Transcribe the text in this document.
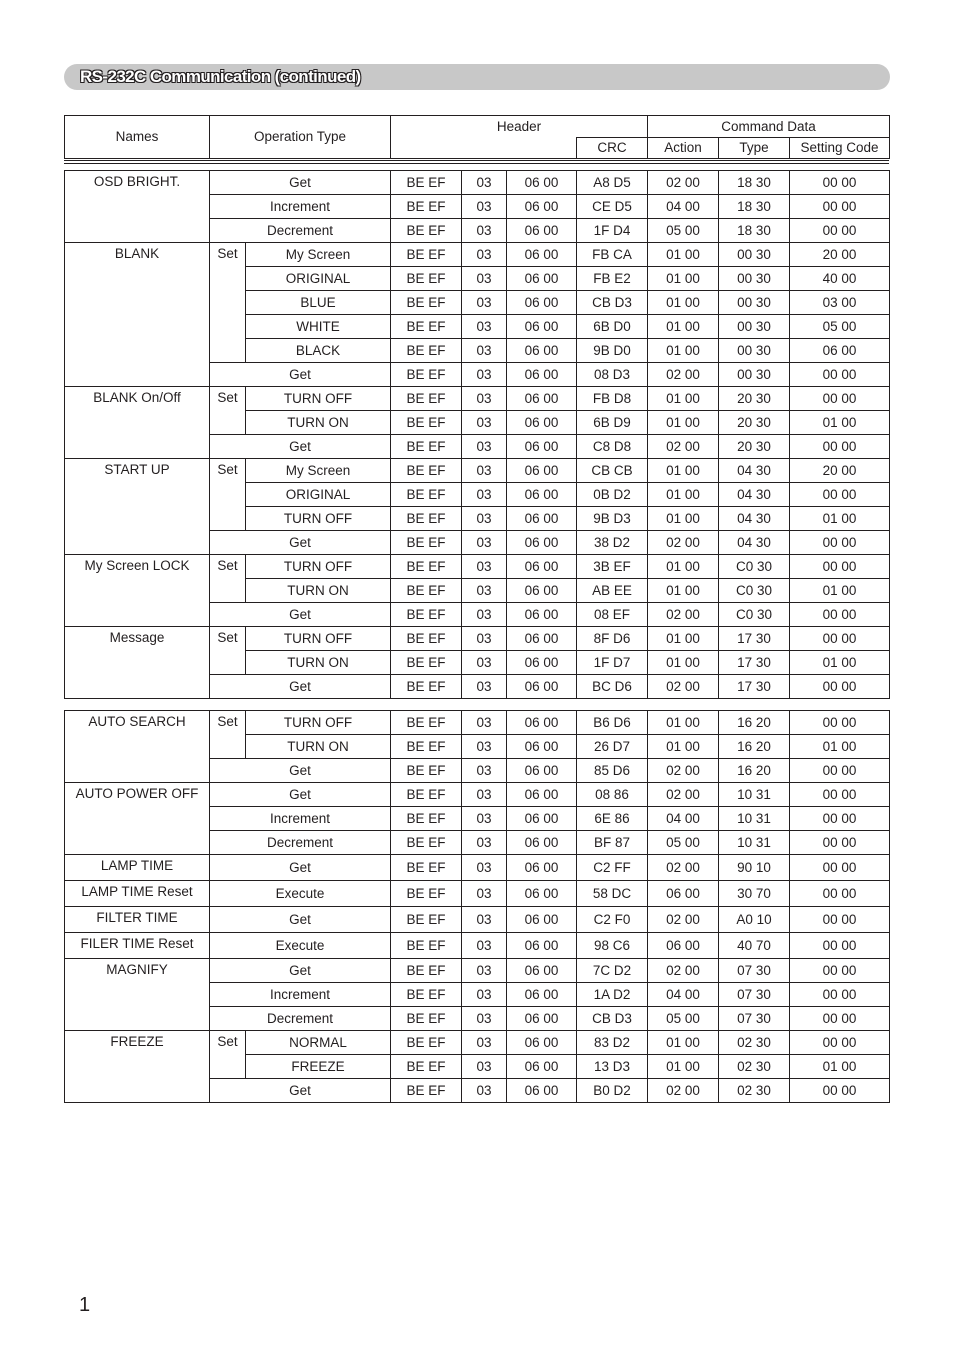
RS-232C Communication (continued)
Names	Operation Type	Header		Command Data		
			CRC	Action	Type	Setting Code
OSD BRIGHT.	Get		BE EF	03	06 00	A8 D5	02 00	18 30	00 00
	Increment		BE EF	03	06 00	CE D5	04 00	18 30	00 00
	Decrement		BE EF	03	06 00	1F D4	05 00	18 30	00 00
BLANK	Set	My Screen	BE EF	03	06 00	FB CA	01 00	00 30	20 00
		ORIGINAL	BE EF	03	06 00	FB E2	01 00	00 30	40 00
		BLUE	BE EF	03	06 00	CB D3	01 00	00 30	03 00
		WHITE	BE EF	03	06 00	6B D0	01 00	00 30	05 00
		BLACK	BE EF	03	06 00	9B D0	01 00	00 30	06 00
	Get		BE EF	03	06 00	08 D3	02 00	00 30	00 00
BLANK On/Off	Set	TURN OFF	BE EF	03	06 00	FB D8	01 00	20 30	00 00
		TURN ON	BE EF	03	06 00	6B D9	01 00	20 30	01 00
	Get		BE EF	03	06 00	C8 D8	02 00	20 30	00 00
START UP	Set	My Screen	BE EF	03	06 00	CB CB	01 00	04 30	20 00
		ORIGINAL	BE EF	03	06 00	0B D2	01 00	04 30	00 00
		TURN OFF	BE EF	03	06 00	9B D3	01 00	04 30	01 00
	Get		BE EF	03	06 00	38 D2	02 00	04 30	00 00
My Screen LOCK	Set	TURN OFF	BE EF	03	06 00	3B EF	01 00	C0 30	00 00
		TURN ON	BE EF	03	06 00	AB EE	01 00	C0 30	01 00
	Get		BE EF	03	06 00	08 EF	02 00	C0 30	00 00
Message	Set	TURN OFF	BE EF	03	06 00	8F D6	01 00	17 30	00 00
		TURN ON	BE EF	03	06 00	1F D7	01 00	17 30	01 00
	Get		BE EF	03	06 00	BC D6	02 00	17 30	00 00
AUTO SEARCH	Set	TURN OFF	BE EF	03	06 00	B6 D6	01 00	16 20	00 00
		TURN ON	BE EF	03	06 00	26 D7	01 00	16 20	01 00
	Get		BE EF	03	06 00	85 D6	02 00	16 20	00 00
AUTO POWER OFF	Get		BE EF	03	06 00	08 86	02 00	10 31	00 00
	Increment		BE EF	03	06 00	6E 86	04 00	10 31	00 00
	Decrement		BE EF	03	06 00	BF 87	05 00	10 31	00 00
LAMP TIME	Get		BE EF	03	06 00	C2 FF	02 00	90 10	00 00
LAMP TIME Reset	Execute		BE EF	03	06 00	58 DC	06 00	30 70	00 00
FILTER TIME	Get		BE EF	03	06 00	C2 F0	02 00	A0 10	00 00
FILER TIME Reset	Execute		BE EF	03	06 00	98 C6	06 00	40 70	00 00
MAGNIFY	Get		BE EF	03	06 00	7C D2	02 00	07 30	00 00
	Increment		BE EF	03	06 00	1A D2	04 00	07 30	00 00
	Decrement		BE EF	03	06 00	CB D3	05 00	07 30	00 00
FREEZE	Set	NORMAL	BE EF	03	06 00	83 D2	01 00	02 30	00 00
		FREEZE	BE EF	03	06 00	13 D3	01 00	02 30	01 00
	Get		BE EF	03	06 00	B0 D2	02 00	02 30	00 00
1
